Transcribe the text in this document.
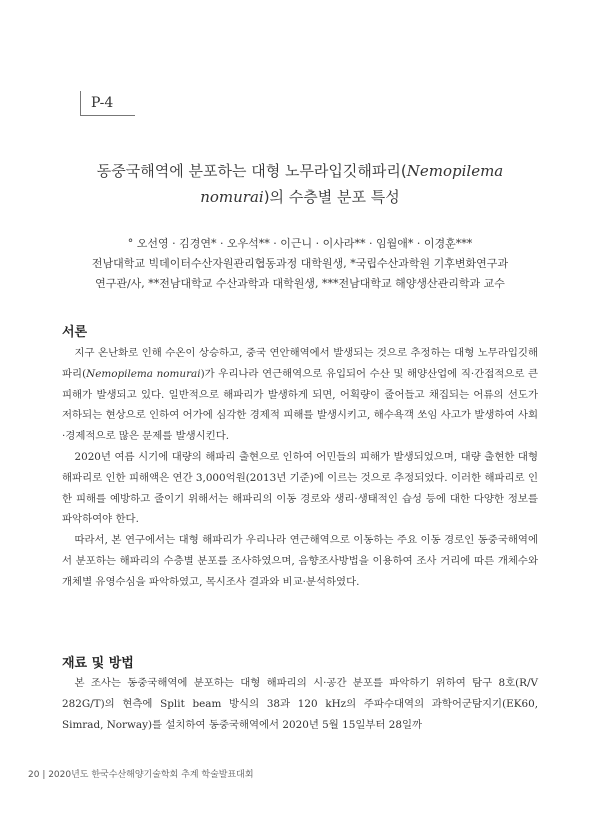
P-4
동중국해역에 분포하는 대형 노무라입깃해파리(Nemopilema
nomurai)의 수층별 분포 특성
° 오선영 · 김경연* · 오우석** · 이근니 · 이사라** · 임월애* · 이경훈***
전남대학교 빅데이터수산자원관리협동과정 대학원생, *국립수산과학원 기후변화연구과
연구관/사, **전남대학교 수산과학과 대학원생, ***전남대학교 해양생산관리학과 교수
서론

지구 온난화로 인해 수온이 상승하고, 중국 연안해역에서 발생되는 것으로 추정하는 대형 노무라입깃해파리(Nemopilema nomurai)가 우리나라 연근해역으로 유입되어 수산 및 해양산업에 직·간접적으로 큰 피해가 발생되고 있다. 일반적으로 해파리가 발생하게 되면, 어획량이 줄어들고 채집되는 어류의 선도가 저하되는 현상으로 인하여 어가에 심각한 경제적 피해를 발생시키고, 해수욕객 쏘임 사고가 발생하여 사회·경제적으로 많은 문제를 발생시킨다.

2020년 여름 시기에 대량의 해파리 출현으로 인하여 어민들의 피해가 발생되었으며, 대량 출현한 대형 해파리로 인한 피해액은 연간 3,000억원(2013년 기준)에 이르는 것으로 추정되었다. 이러한 해파리로 인한 피해를 예방하고 줄이기 위해서는 해파리의 이동 경로와 생리·생태적인 습성 등에 대한 다양한 정보를 파악하여야 한다.

따라서, 본 연구에서는 대형 해파리가 우리나라 연근해역으로 이동하는 주요 이동 경로인 동중국해역에서 분포하는 해파리의 수층별 분포를 조사하였으며, 음향조사방법을 이용하여 조사 거리에 따른 개체수와 개체별 유영수심을 파악하였고, 목시조사 결과와 비교·분석하였다.

재료 및 방법

본 조사는 동중국해역에 분포하는 대형 해파리의 시·공간 분포를 파악하기 위하여 탐구 8호(R/V 282G/T)의 현측에 Split beam 방식의 38과 120 kHz의 주파수대역의 과학어군탐지기(EK60, Simrad, Norway)를 설치하여 동중국해역에서 2020년 5월 15일부터 28일까

20 | 2020년도 한국수산해양기술학회 추계 학술발표대회
